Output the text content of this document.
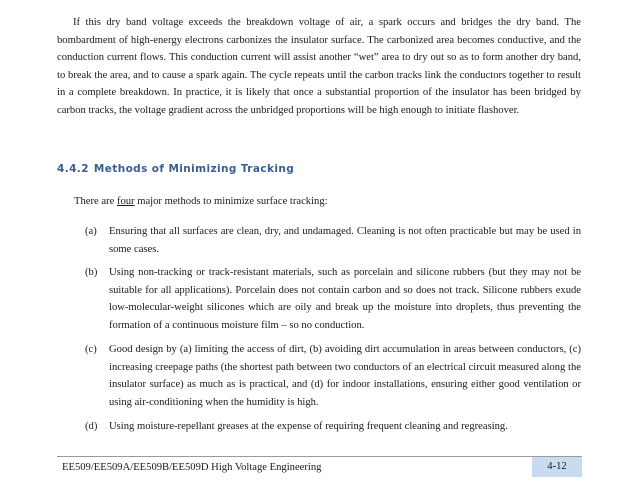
If this dry band voltage exceeds the breakdown voltage of air, a spark occurs and bridges the dry band. The bombardment of high-energy electrons carbonizes the insulator surface. The carbonized area becomes conductive, and the conduction current flows. This conduction current will assist another “wet” area to dry out so as to form another dry band, to break the area, and to cause a spark again. The cycle repeats until the carbon tracks link the conductors together to result in a complete breakdown. In practice, it is likely that once a substantial proportion of the insulator has been bridged by carbon tracks, the voltage gradient across the unbridged proportions will be high enough to initiate flashover.

4.4.2 Methods of Minimizing Tracking

There are four major methods to minimize surface tracking:

(a) Ensuring that all surfaces are clean, dry, and undamaged. Cleaning is not often practicable but may be used in some cases.
(b) Using non-tracking or track-resistant materials, such as porcelain and silicone rubbers (but they may not be suitable for all applications). Porcelain does not contain carbon and so does not track. Silicone rubbers exude low-molecular-weight silicones which are oily and break up the moisture into droplets, thus preventing the formation of a continuous moisture film – so no conduction.
(c) Good design by (a) limiting the access of dirt, (b) avoiding dirt accumulation in areas between conductors, (c) increasing creepage paths (the shortest path between two conductors of an electrical circuit measured along the insulator surface) as much as is practical, and (d) for indoor installations, ensuring either good ventilation or using air-conditioning when the humidity is high.
(d) Using moisture-repellant greases at the expense of requiring frequent cleaning and regreasing.
EE509/EE509A/EE509B/EE509D High Voltage Engineering	4-12
